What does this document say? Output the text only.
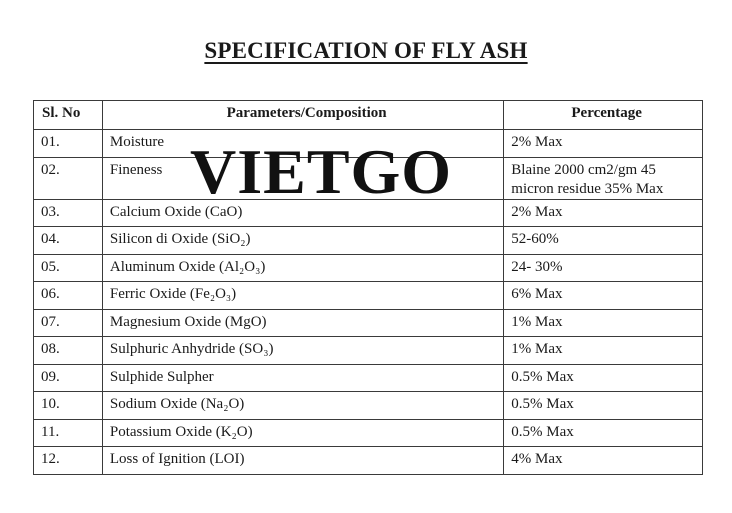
SPECIFICATION OF FLY ASH
Sl. No	Parameters/Composition	Percentage
01.	Moisture	2% Max
02.	Fineness	Blaine 2000 cm2/gm 45 micron residue 35% Max
03.	Calcium Oxide (CaO)	2% Max
04.	Silicon di Oxide (SiO₂)	52-60%
05.	Aluminum Oxide (Al₂O₃)	24- 30%
06.	Ferric Oxide (Fe₂O₃)	6% Max
07.	Magnesium Oxide (MgO)	1% Max
08.	Sulphuric Anhydride (SO₃)	1% Max
09.	Sulphide Sulpher	0.5% Max
10.	Sodium Oxide (Na₂O)	0.5% Max
11.	Potassium Oxide (K₂O)	0.5% Max
12.	Loss of Ignition (LOI)	4% Max
VIETGO
